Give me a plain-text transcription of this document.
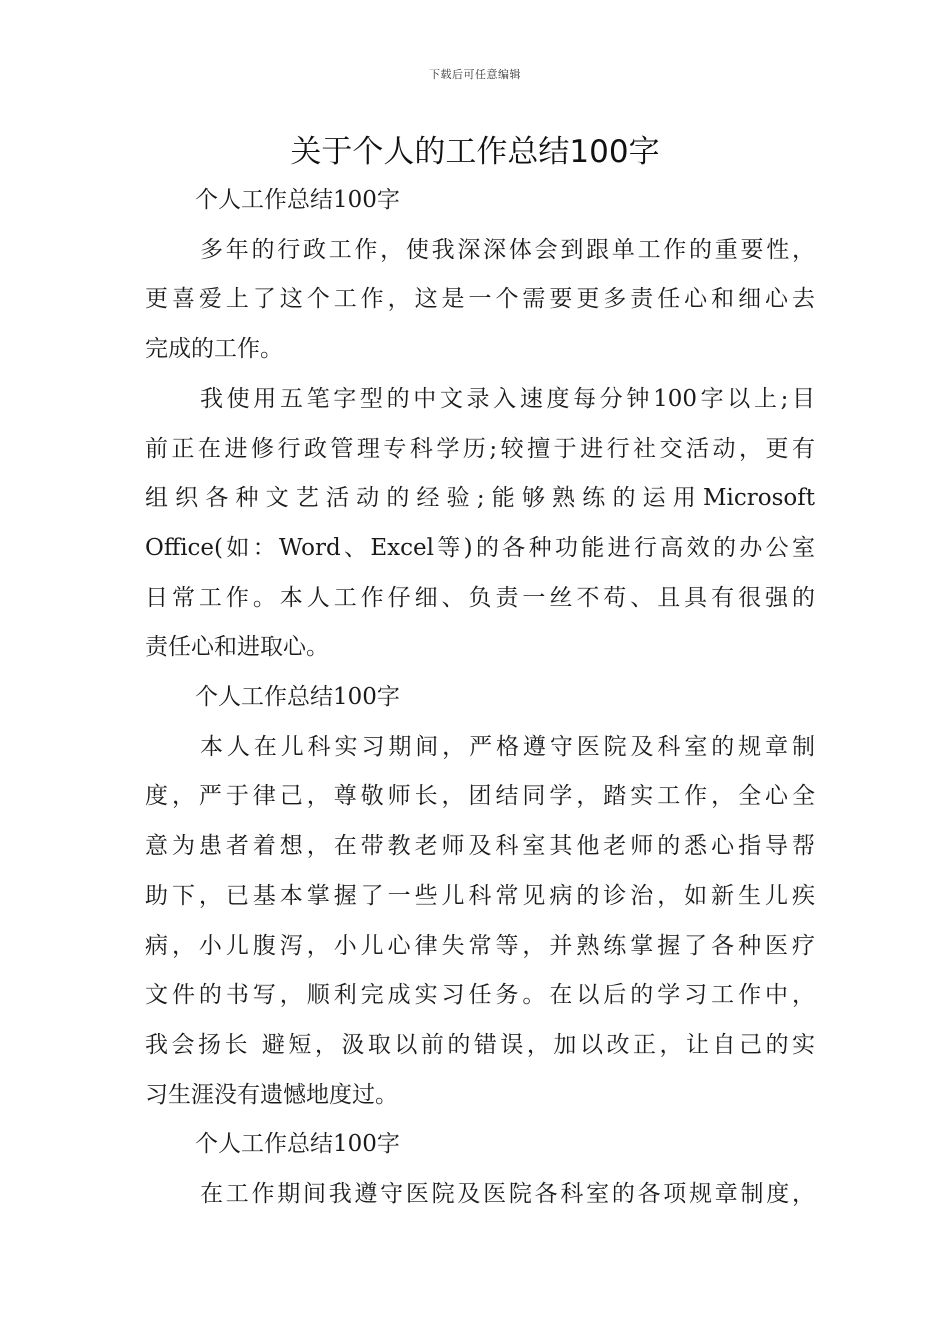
下载后可任意编辑
关于个人的工作总结100字

个人工作总结100字

多年的行政工作，使我深深体会到跟单工作的重要性，
更喜爱上了这个工作，这是一个需要更多责任心和细心去
完成的工作。

我使用五笔字型的中文录入速度每分钟100字以上;目
前正在进修行政管理专科学历;较擅于进行社交活动，更有
组织各种文艺活动的经验;能够熟练的运用Microsoft
Office(如：Word、Excel等)的各种功能进行高效的办公室
日常工作。本人工作仔细、负责一丝不苟、且具有很强的
责任心和进取心。

个人工作总结100字

本人在儿科实习期间，严格遵守医院及科室的规章制
度，严于律己，尊敬师长，团结同学，踏实工作，全心全
意为患者着想，在带教老师及科室其他老师的悉心指导帮
助下，已基本掌握了一些儿科常见病的诊治，如新生儿疾
病，小儿腹泻，小儿心律失常等，并熟练掌握了各种医疗
文件的书写，顺利完成实习任务。在以后的学习工作中，
我会扬长 避短，汲取以前的错误，加以改正，让自己的实
习生涯没有遗憾地度过。

个人工作总结100字

在工作期间我遵守医院及医院各科室的各项规章制度，
